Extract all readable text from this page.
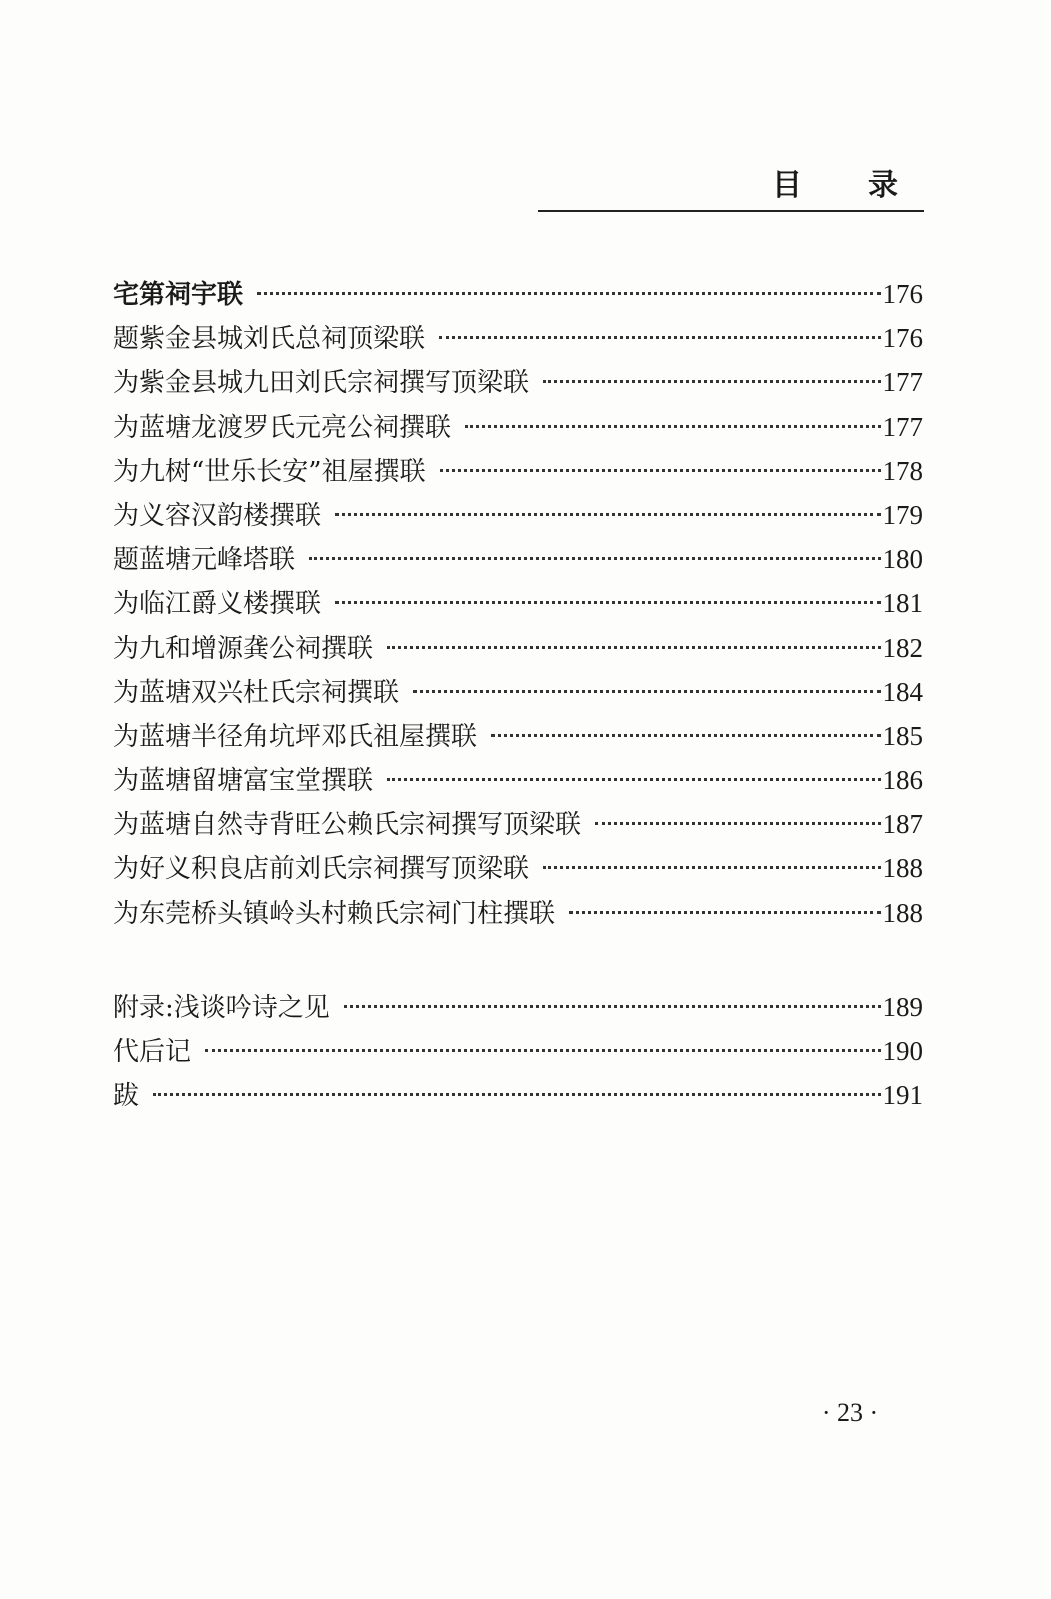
目　录
宅第祠宇联	176
题紫金县城刘氏总祠顶梁联	176
为紫金县城九田刘氏宗祠撰写顶梁联	177
为蓝塘龙渡罗氏元亮公祠撰联	177
为九树“世乐长安”祖屋撰联	178
为义容汉韵楼撰联	179
题蓝塘元峰塔联	180
为临江爵义楼撰联	181
为九和增源龚公祠撰联	182
为蓝塘双兴杜氏宗祠撰联	184
为蓝塘半径角坑坪邓氏祖屋撰联	185
为蓝塘留塘富宝堂撰联	186
为蓝塘自然寺背旺公赖氏宗祠撰写顶梁联	187
为好义积良店前刘氏宗祠撰写顶梁联	188
为东莞桥头镇岭头村赖氏宗祠门柱撰联	188
附录:浅谈吟诗之见	189
代后记	190
跋	191
· 23 ·
